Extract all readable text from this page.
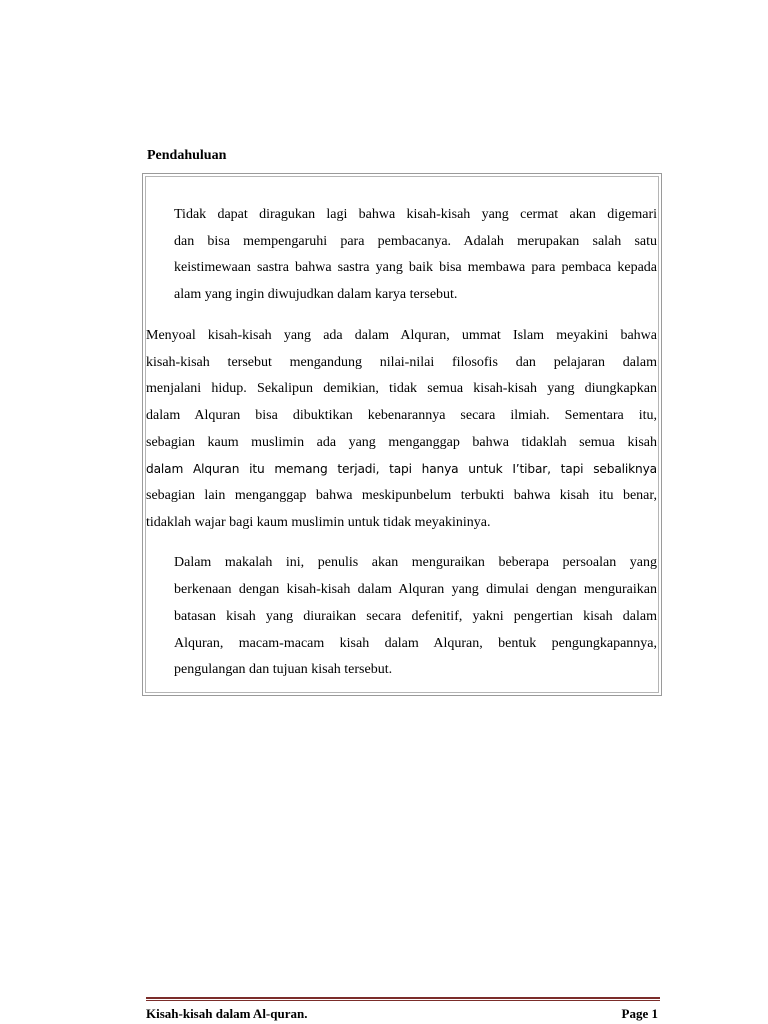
Pendahuluan

Tidak dapat diragukan lagi bahwa kisah-kisah yang cermat akan digemari
dan bisa mempengaruhi para pembacanya. Adalah merupakan salah satu
keistimewaan sastra bahwa sastra yang baik bisa membawa para pembaca kepada
alam yang ingin diwujudkan dalam karya tersebut.

Menyoal kisah-kisah yang ada dalam Alquran, ummat Islam meyakini bahwa
kisah-kisah tersebut mengandung nilai-nilai filosofis dan pelajaran dalam
menjalani hidup. Sekalipun demikian, tidak semua kisah-kisah yang diungkapkan
dalam Alquran bisa dibuktikan kebenarannya secara ilmiah. Sementara itu,
sebagian kaum muslimin ada yang menganggap bahwa tidaklah semua kisah
dalam Alquran itu memang terjadi, tapi hanya untuk I’tibar, tapi sebaliknya
sebagian lain menganggap bahwa meskipunbelum terbukti bahwa kisah itu benar,
tidaklah wajar bagi kaum muslimin untuk tidak meyakininya.

Dalam makalah ini, penulis akan menguraikan beberapa persoalan yang
berkenaan dengan kisah-kisah dalam Alquran yang dimulai dengan menguraikan
batasan kisah yang diuraikan secara defenitif, yakni pengertian kisah dalam
Alquran, macam-macam kisah dalam Alquran, bentuk pengungkapannya,
pengulangan dan tujuan kisah tersebut.

Kisah-kisah dalam Al-quran.	Page 1
